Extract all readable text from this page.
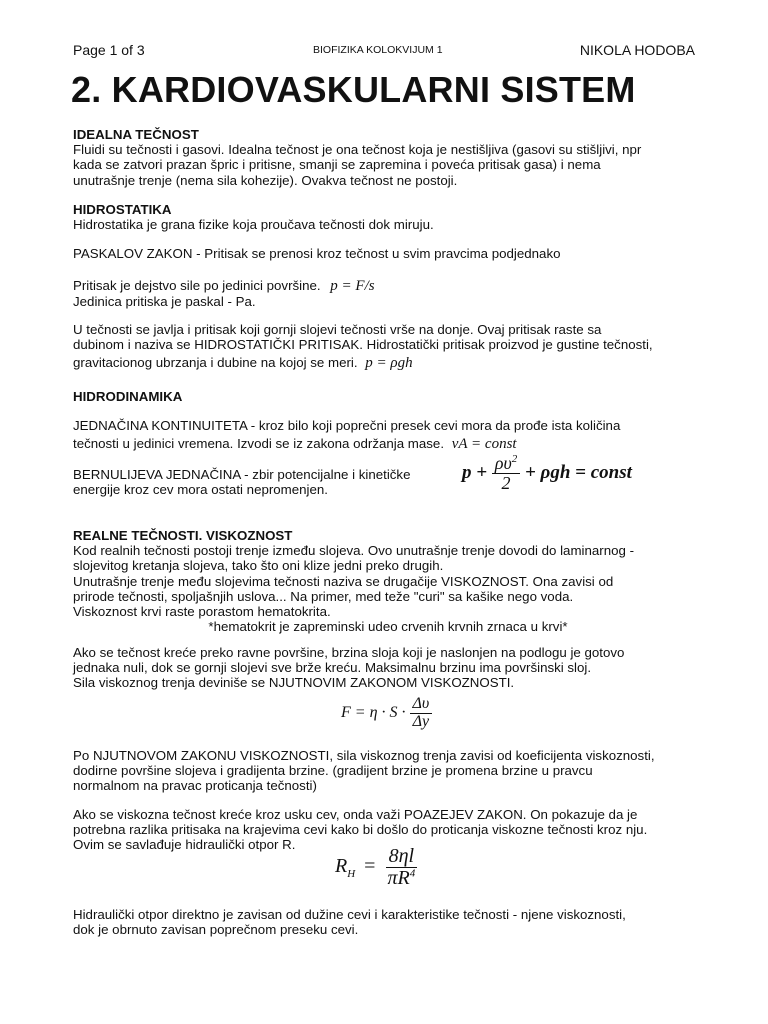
Page 1 of 3	BIOFIZIKA KOLOKVIJUM 1	NIKOLA HODOBA
2. KARDIOVASKULARNI SISTEM
IDEALNA TEČNOST
Fluidi su tečnosti i gasovi. Idealna tečnost je ona tečnost koja je nestišljiva (gasovi su stišljivi, npr
kada se zatvori prazan špric i pritisne, smanji se zapremina i poveća pritisak gasa) i nema
unutrašnje trenje (nema sila kohezije). Ovakva tečnost ne postoji.
HIDROSTATIKA
Hidrostatika je grana fizike koja proučava tečnosti dok miruju.
PASKALOV ZAKON - Pritisak se prenosi kroz tečnost u svim pravcima podjednako
Pritisak je dejstvo sile po jedinici površine. p = F/s
Jedinica pritiska je paskal - Pa.
U tečnosti se javlja i pritisak koji gornji slojevi tečnosti vrše na donje. Ovaj pritisak raste sa
dubinom i naziva se HIDROSTATIČKI PRITISAK. Hidrostatički pritisak proizvod je gustine tečnosti,
gravitacionog ubrzanja i dubine na kojoj se meri. p = ρgh
HIDRODINAMIKA
JEDNAČINA KONTINUITETA - kroz bilo koji poprečni presek cevi mora da prođe ista količina
tečnosti u jedinici vremena. Izvodi se iz zakona održanja mase. vA = const
BERNULIJEVA JEDNAČINA - zbir potencijalne i kinetičke
energije kroz cev mora ostati nepromenjen.
$p + \frac{\rho\upsilon^2}{2} + \rho gh$ = const
REALNE TEČNOSTI. VISKOZNOST
Kod realnih tečnosti postoji trenje između slojeva. Ovo unutrašnje trenje dovodi do laminarnog -
slojevitog kretanja slojeva, tako što oni klize jedni preko drugih.
Unutrašnje trenje među slojevima tečnosti naziva se drugačije VISKOZNOST. Ona zavisi od
prirode tečnosti, spoljašnjih uslova... Na primer, med teže "curi" sa kašike nego voda.
Viskoznost krvi raste porastom hematokrita.
*hematokrit je zapreminski udeo crvenih krvnih zrnaca u krvi*
Ako se tečnost kreće preko ravne površine, brzina sloja koji je naslonjen na podlogu je gotovo
jednaka nuli, dok se gornji slojevi sve brže kreću. Maksimalnu brzinu ima površinski sloj.
Sila viskoznog trenja deviniše se NJUTNOVIM ZAKONOM VISKOZNOSTI.
$F = \eta \cdot S \cdot \frac{\Delta\upsilon}{\Delta y}$
Po NJUTNOVOM ZAKONU VISKOZNOSTI, sila viskoznog trenja zavisi od koeficijenta viskoznosti,
dodirne površine slojeva i gradijenta brzine. (gradijent brzine je promena brzine u pravcu
normalnom na pravac proticanja tečnosti)
Ako se viskozna tečnost kreće kroz usku cev, onda važi POAZEJEV ZAKON. On pokazuje da je
potrebna razlika pritisaka na krajevima cevi kako bi došlo do proticanja viskozne tečnosti kroz nju.
Ovim se savlađuje hidraulički otpor R.
$R_H = \frac{8\eta l}{\pi R^4}$
Hidraulički otpor direktno je zavisan od dužine cevi i karakteristike tečnosti - njene viskoznosti,
dok je obrnuto zavisan poprečnom preseku cevi.
